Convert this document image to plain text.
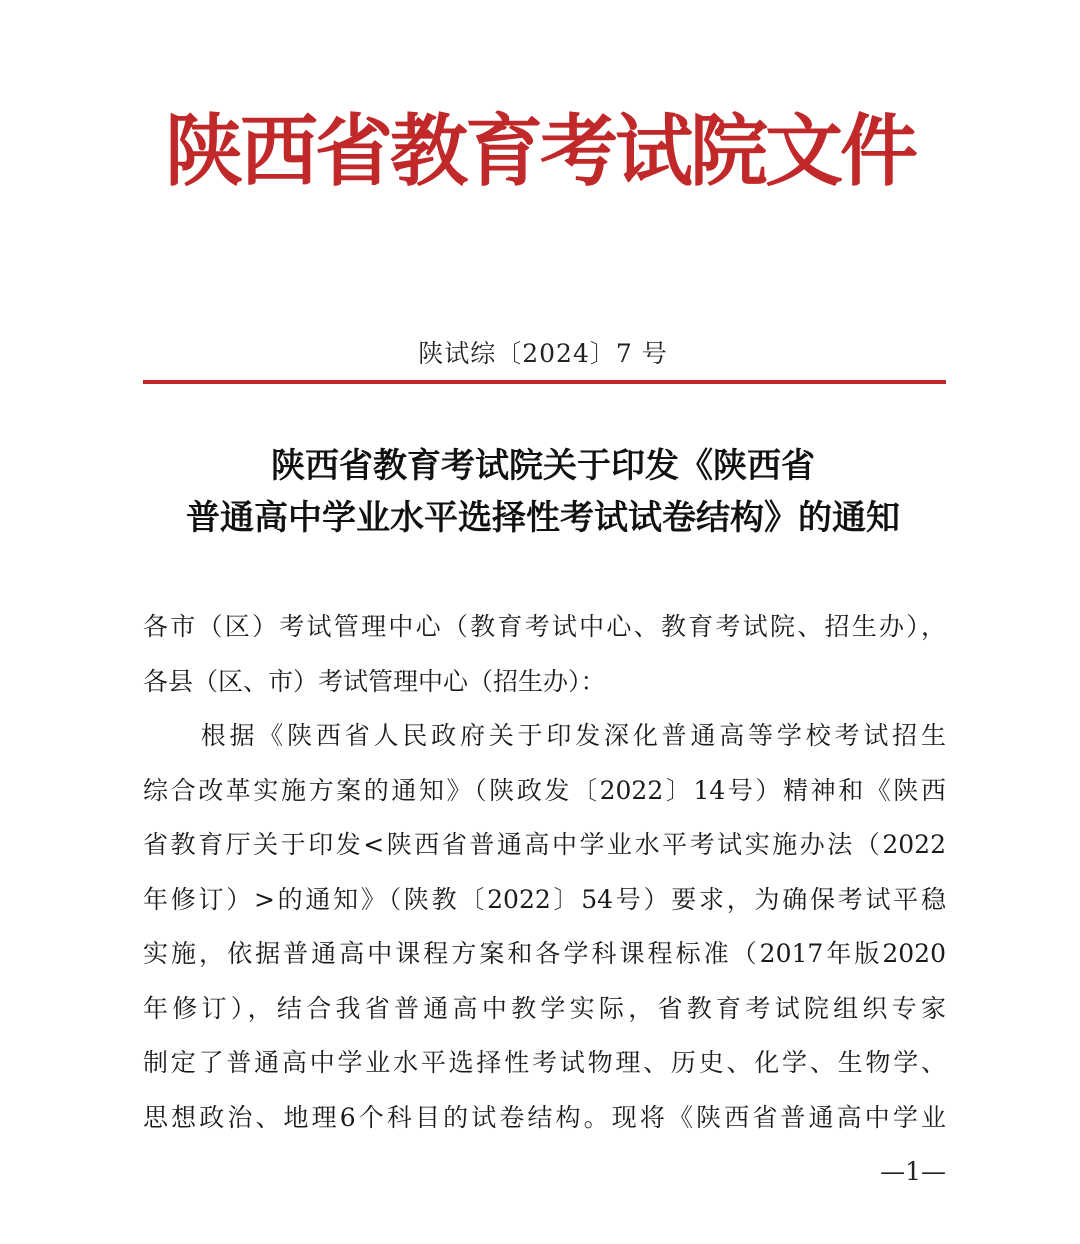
陕西省教育考试院文件
陕试综〔2024〕7 号
陕西省教育考试院关于印发《陕西省
普通高中学业水平选择性考试试卷结构》的通知
各市（区）考试管理中心（教育考试中心、教育考试院、招生办），
各县（区、市）考试管理中心（招生办）：
　　根据《陕西省人民政府关于印发深化普通高等学校考试招生
综合改革实施方案的通知》（陕政发〔2022〕14号）精神和《陕西
省教育厅关于印发<陕西省普通高中学业水平考试实施办法（2022
年修订）>的通知》（陕教〔2022〕54号）要求，为确保考试平稳
实施，依据普通高中课程方案和各学科课程标准（2017年版2020
年修订），结合我省普通高中教学实际，省教育考试院组织专家
制定了普通高中学业水平选择性考试物理、历史、化学、生物学、
思想政治、地理6个科目的试卷结构。现将《陕西省普通高中学业
—1—
